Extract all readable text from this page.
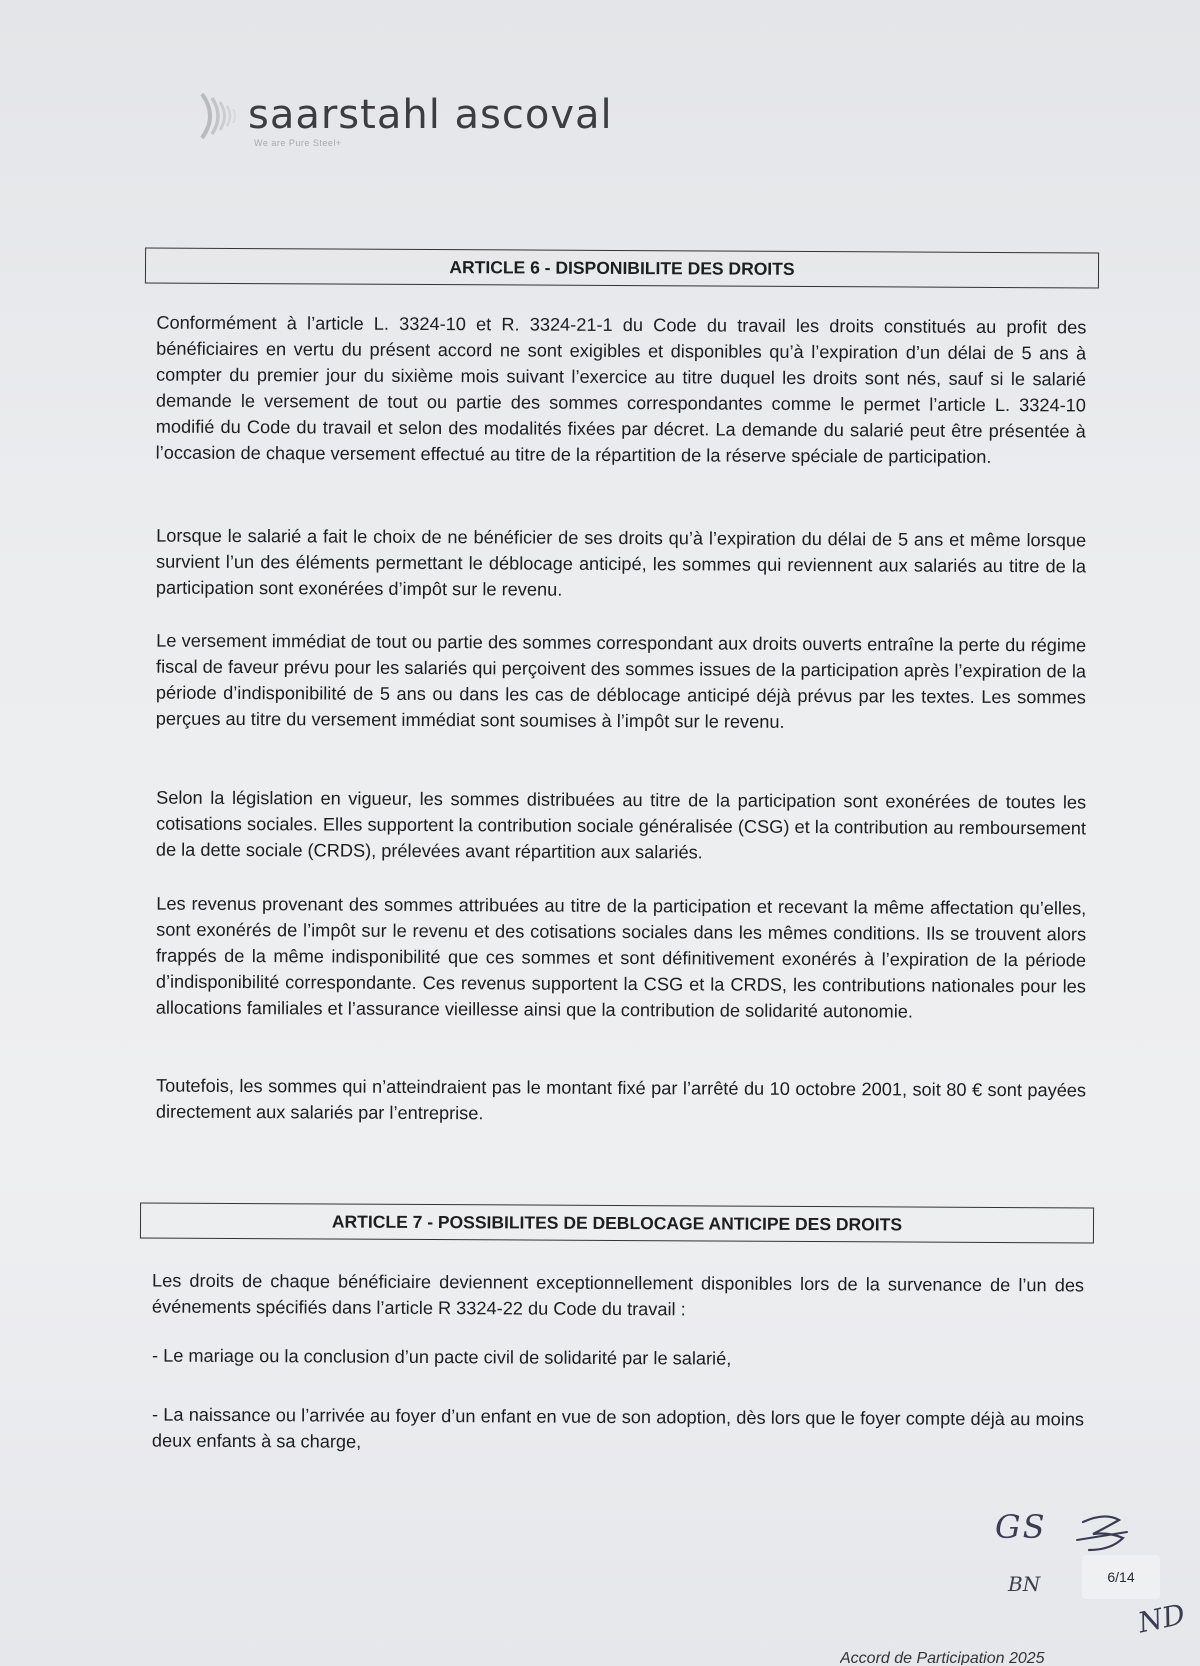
saarstahl ascoval
We are Pure Steel+
ARTICLE 6 - DISPONIBILITE DES DROITS

Conformément à l’article L. 3324-10 et R. 3324-21-1 du Code du travail les droits constitués au profit des bénéficiaires en vertu du présent accord ne sont exigibles et disponibles qu’à l’expiration d’un délai de 5 ans à compter du premier jour du sixième mois suivant l’exercice au titre duquel les droits sont nés, sauf si le salarié demande le versement de tout ou partie des sommes correspondantes comme le permet l’article L. 3324-10 modifié du Code du travail et selon des modalités fixées par décret. La demande du salarié peut être présentée à l’occasion de chaque versement effectué au titre de la répartition de la réserve spéciale de participation.

Lorsque le salarié a fait le choix de ne bénéficier de ses droits qu’à l’expiration du délai de 5 ans et même lorsque survient l’un des éléments permettant le déblocage anticipé, les sommes qui reviennent aux salariés au titre de la participation sont exonérées d’impôt sur le revenu.

Le versement immédiat de tout ou partie des sommes correspondant aux droits ouverts entraîne la perte du régime fiscal de faveur prévu pour les salariés qui perçoivent des sommes issues de la participation après l’expiration de la période d’indisponibilité de 5 ans ou dans les cas de déblocage anticipé déjà prévus par les textes. Les sommes perçues au titre du versement immédiat sont soumises à l’impôt sur le revenu.

Selon la législation en vigueur, les sommes distribuées au titre de la participation sont exonérées de toutes les cotisations sociales. Elles supportent la contribution sociale généralisée (CSG) et la contribution au remboursement de la dette sociale (CRDS), prélevées avant répartition aux salariés.

Les revenus provenant des sommes attribuées au titre de la participation et recevant la même affectation qu’elles, sont exonérés de l’impôt sur le revenu et des cotisations sociales dans les mêmes conditions. Ils se trouvent alors frappés de la même indisponibilité que ces sommes et sont définitivement exonérés à l’expiration de la période d’indisponibilité correspondante. Ces revenus supportent la CSG et la CRDS, les contributions nationales pour les allocations familiales et l’assurance vieillesse ainsi que la contribution de solidarité autonomie.

Toutefois, les sommes qui n’atteindraient pas le montant fixé par l’arrêté du 10 octobre 2001, soit 80 € sont payées directement aux salariés par l’entreprise.

ARTICLE 7 - POSSIBILITES DE DEBLOCAGE ANTICIPE DES DROITS

Les droits de chaque bénéficiaire deviennent exceptionnellement disponibles lors de la survenance de l’un des événements spécifiés dans l’article R 3324-22 du Code du travail :

- Le mariage ou la conclusion d’un pacte civil de solidarité par le salarié,

- La naissance ou l’arrivée au foyer d’un enfant en vue de son adoption, dès lors que le foyer compte déjà au moins deux enfants à sa charge,

GS
BN	6/14
ND
Accord de Participation 2025
